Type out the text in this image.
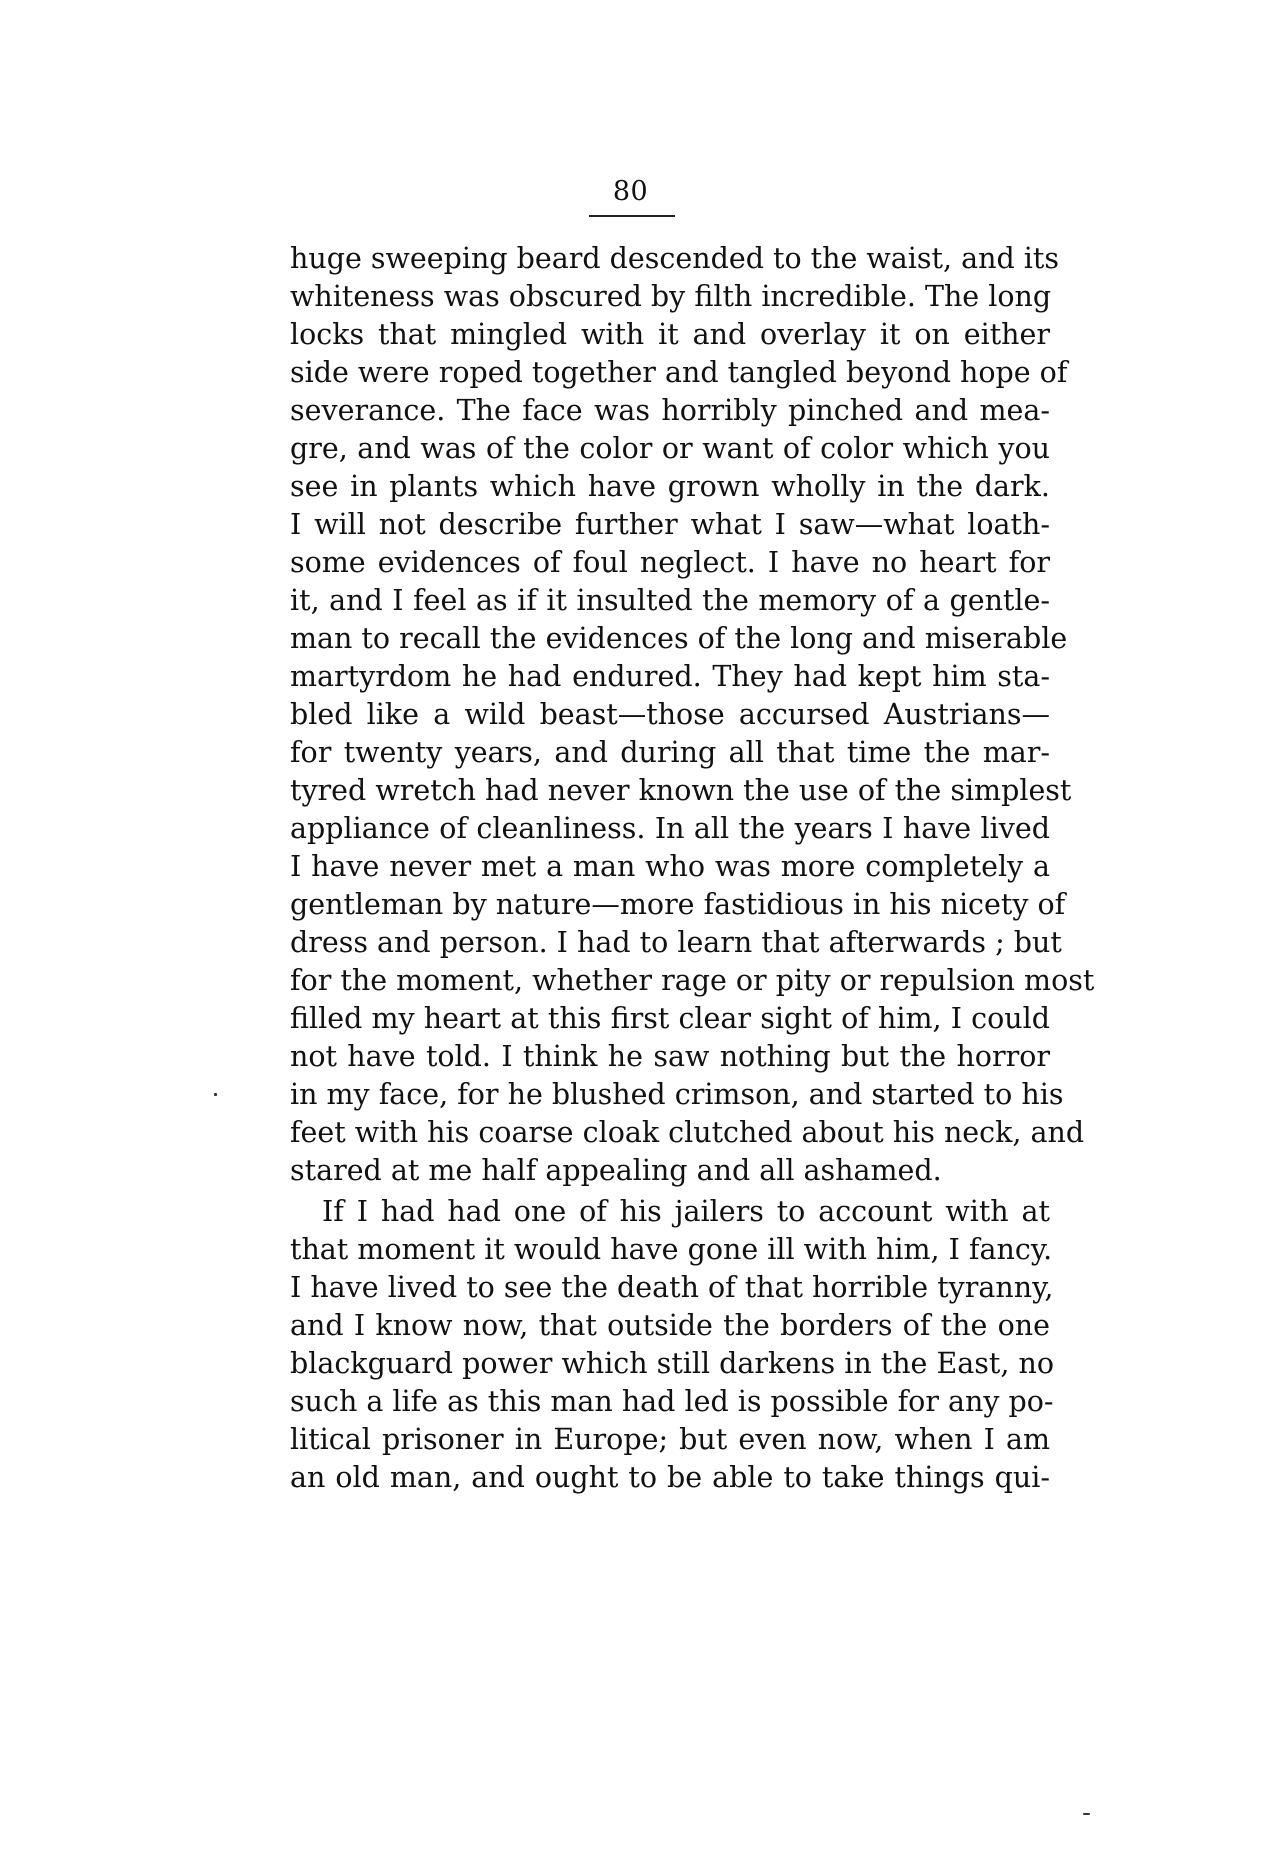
80
huge sweeping beard descended to the waist, and its
whiteness was obscured by filth incredible. The long
locks that mingled with it and overlay it on either
side were roped together and tangled beyond hope of
severance. The face was horribly pinched and mea-
gre, and was of the color or want of color which you
see in plants which have grown wholly in the dark.
I will not describe further what I saw—what loath-
some evidences of foul neglect. I have no heart for
it, and I feel as if it insulted the memory of a gentle-
man to recall the evidences of the long and miserable
martyrdom he had endured. They had kept him sta-
bled like a wild beast—those accursed Austrians—
for twenty years, and during all that time the mar-
tyred wretch had never known the use of the simplest
appliance of cleanliness. In all the years I have lived
I have never met a man who was more completely a
gentleman by nature—more fastidious in his nicety of
dress and person. I had to learn that afterwards ; but
for the moment, whether rage or pity or repulsion most
filled my heart at this first clear sight of him, I could
not have told. I think he saw nothing but the horror
in my face, for he blushed crimson, and started to his
feet with his coarse cloak clutched about his neck, and
stared at me half appealing and all ashamed.
If I had had one of his jailers to account with at
that moment it would have gone ill with him, I fancy.
I have lived to see the death of that horrible tyranny,
and I know now, that outside the borders of the one
blackguard power which still darkens in the East, no
such a life as this man had led is possible for any po-
litical prisoner in Europe; but even now, when I am
an old man, and ought to be able to take things qui-
